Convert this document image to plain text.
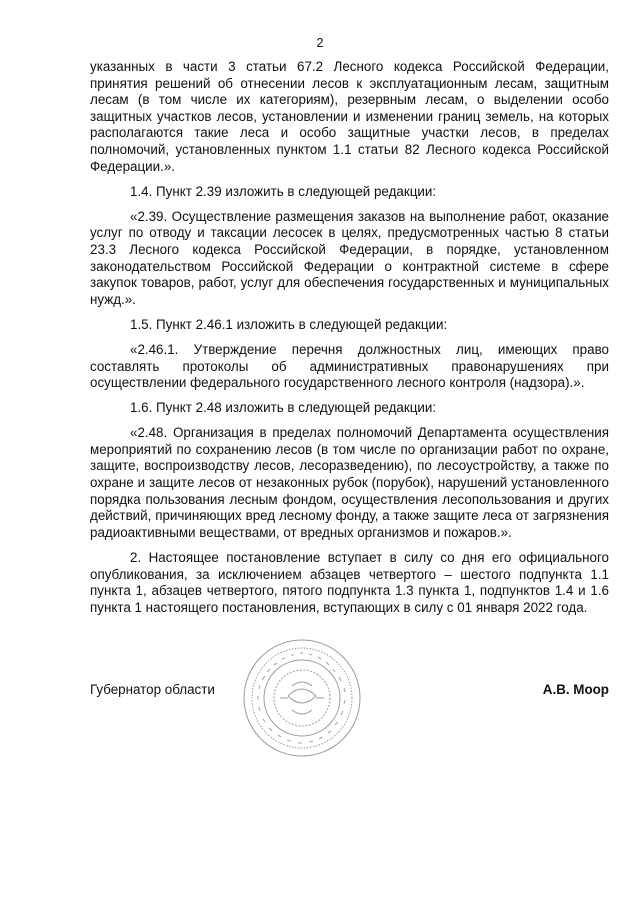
2

указанных в части 3 статьи 67.2 Лесного кодекса Российской Федерации, принятия решений об отнесении лесов к эксплуатационным лесам, защитным лесам (в том числе их категориям), резервным лесам, о выделении особо защитных участков лесов, установлении и изменении границ земель, на которых располагаются такие леса и особо защитные участки лесов, в пределах полномочий, установленных пунктом 1.1 статьи 82 Лесного кодекса Российской Федерации.».

1.4. Пункт 2.39 изложить в следующей редакции:

«2.39. Осуществление размещения заказов на выполнение работ, оказание услуг по отводу и таксации лесосек в целях, предусмотренных частью 8 статьи 23.3 Лесного кодекса Российской Федерации, в порядке, установленном законодательством Российской Федерации о контрактной системе в сфере закупок товаров, работ, услуг для обеспечения государственных и муниципальных нужд.».

1.5. Пункт 2.46.1 изложить в следующей редакции:

«2.46.1. Утверждение перечня должностных лиц, имеющих право составлять протоколы об административных правонарушениях при осуществлении федерального государственного лесного контроля (надзора).».

1.6. Пункт 2.48 изложить в следующей редакции:

«2.48. Организация в пределах полномочий Департамента осуществления мероприятий по сохранению лесов (в том числе по организации работ по охране, защите, воспроизводству лесов, лесоразведению), по лесоустройству, а также по охране и защите лесов от незаконных рубок (порубок), нарушений установленного порядка пользования лесным фондом, осуществления лесопользования и других действий, причиняющих вред лесному фонду, а также защите леса от загрязнения радиоактивными веществами, от вредных организмов и пожаров.».

2. Настоящее постановление вступает в силу со дня его официального опубликования, за исключением абзацев четвертого – шестого подпункта 1.1 пункта 1, абзацев четвертого, пятого подпункта 1.3 пункта 1, подпунктов 1.4 и 1.6 пункта 1 настоящего постановления, вступающих в силу с 01 января 2022 года.

Губернатор области	А.В. Моор
